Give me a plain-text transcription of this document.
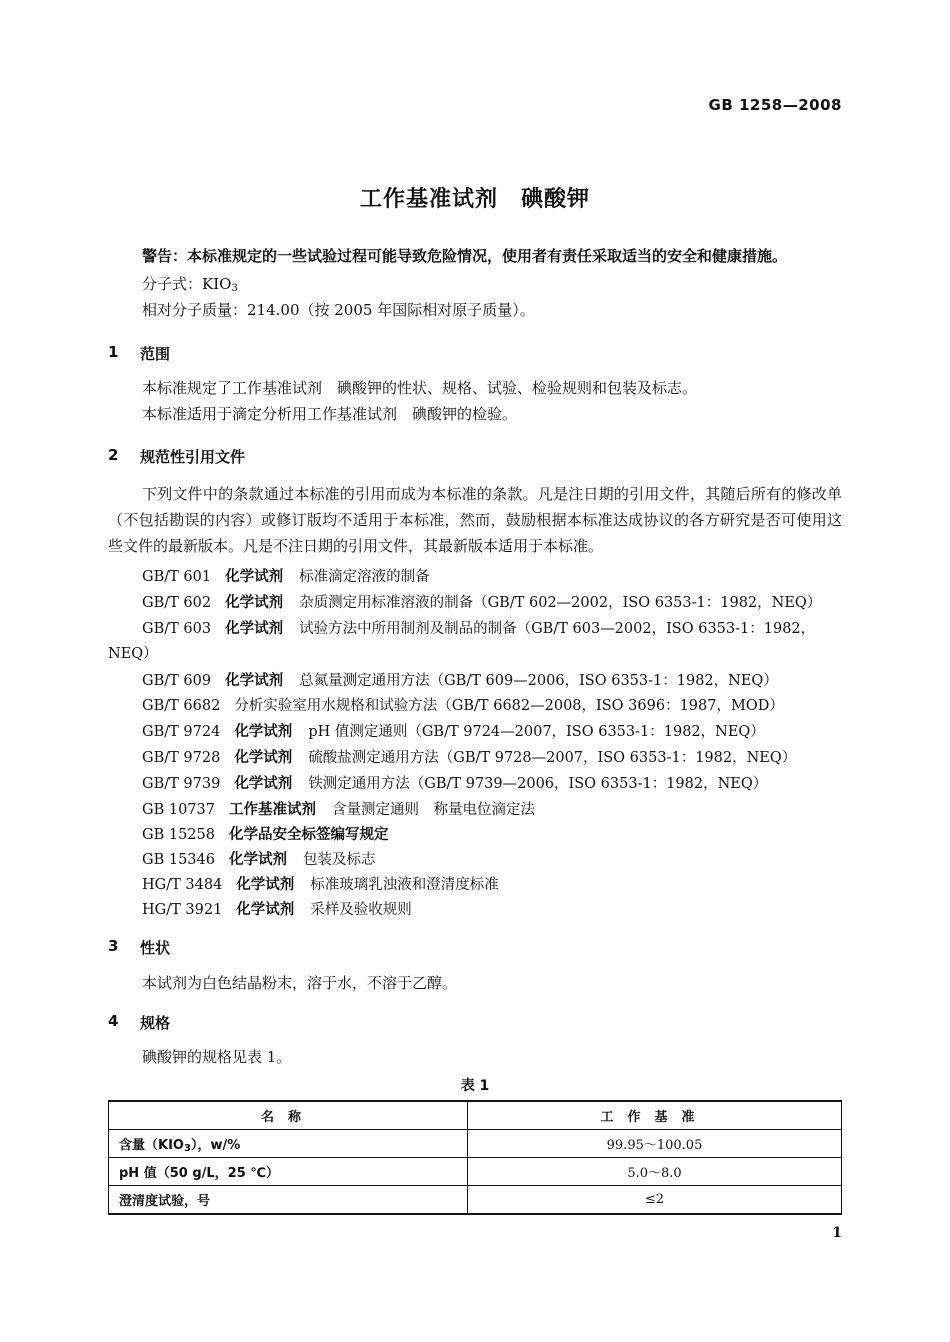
GB 1258—2008
工作基准试剂　碘酸钾
警告：本标准规定的一些试验过程可能导致危险情况，使用者有责任采取适当的安全和健康措施。
分子式：$KIO_3$
相对分子质量：214.00（按 2005 年国际相对原子质量）。
1 范围
本标准规定了工作基准试剂　碘酸钾的性状、规格、试验、检验规则和包装及标志。
本标准适用于滴定分析用工作基准试剂　碘酸钾的检验。
2 规范性引用文件
下列文件中的条款通过本标准的引用而成为本标准的条款。凡是注日期的引用文件，其随后所有的修改单（不包括勘误的内容）或修订版均不适用于本标准，然而，鼓励根据本标准达成协议的各方研究是否可使用这些文件的最新版本。凡是不注日期的引用文件，其最新版本适用于本标准。
GB/T 601 化学试剂 标准滴定溶液的制备
GB/T 602 化学试剂 杂质测定用标准溶液的制备（GB/T 602—2002，ISO 6353-1：1982，NEQ）
GB/T 603 化学试剂 试验方法中所用制剂及制品的制备（GB/T 603—2002，ISO 6353-1：1982，
NEQ）
GB/T 609 化学试剂 总氮量测定通用方法（GB/T 609—2006，ISO 6353-1：1982，NEQ）
GB/T 6682 分析实验室用水规格和试验方法（GB/T 6682—2008，ISO 3696：1987，MOD）
GB/T 9724 化学试剂 pH 值测定通则（GB/T 9724—2007，ISO 6353-1：1982，NEQ）
GB/T 9728 化学试剂 硫酸盐测定通用方法（GB/T 9728—2007，ISO 6353-1：1982，NEQ）
GB/T 9739 化学试剂 铁测定通用方法（GB/T 9739—2006，ISO 6353-1：1982，NEQ）
GB 10737 工作基准试剂 含量测定通则　称量电位滴定法
GB 15258 化学品安全标签编写规定
GB 15346 化学试剂 包装及标志
HG/T 3484 化学试剂 标准玻璃乳浊液和澄清度标准
HG/T 3921 化学试剂 采样及验收规则
3 性状
本试剂为白色结晶粉末，溶于水，不溶于乙醇。
4 规格
碘酸钾的规格见表 1。
表 1
名称	工作基准
含量$(KIO_3)$，w/%	99.95～100.05
pH 值（50 g/L，25 ℃）	5.0～8.0
澄清度试验，号	≤2
1
